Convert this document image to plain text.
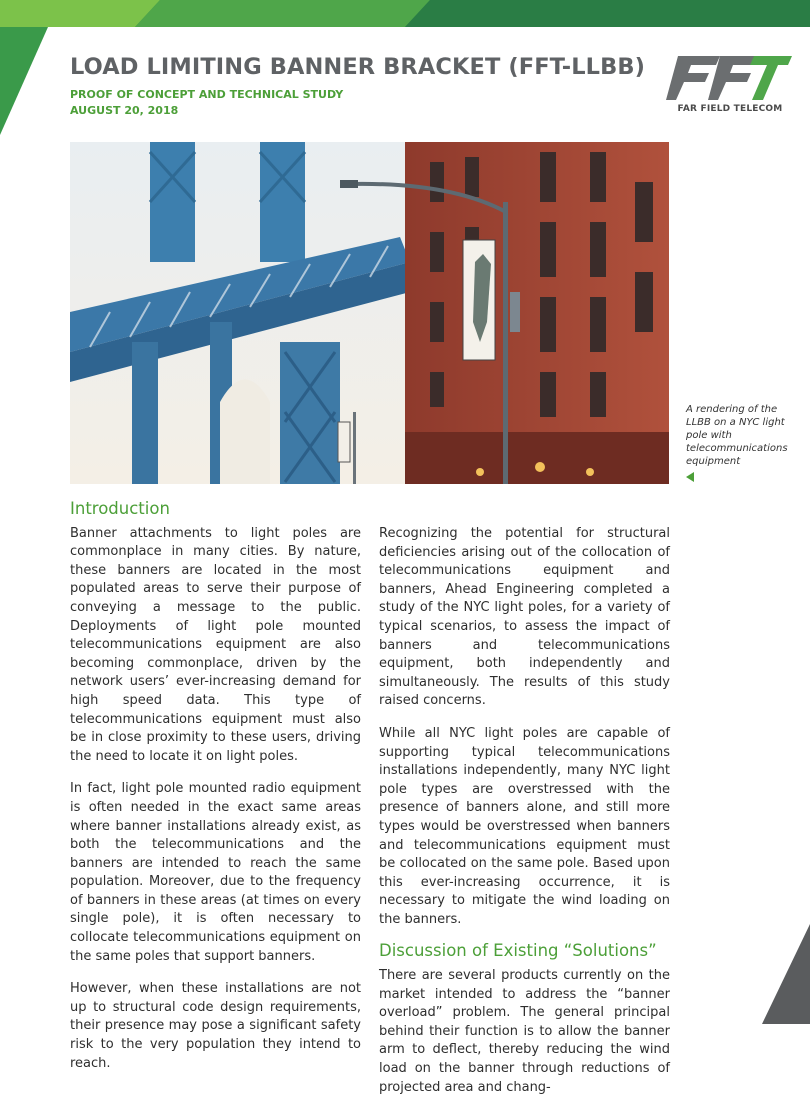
LOAD LIMITING BANNER BRACKET (FFT-LLBB)
PROOF OF CONCEPT AND TECHNICAL STUDY
AUGUST 20, 2018	FAR FIELD TELECOM
A rendering of the LLBB on a NYC light pole with telecommunications equipment
Introduction

Banner attachments to light poles are commonplace in many cities. By nature, these banners are located in the most populated areas to serve their purpose of conveying a message to the public. Deployments of light pole mounted telecommunications equipment are also becoming commonplace, driven by the network users’ ever-increasing demand for high speed data. This type of telecommunications equipment must also be in close proximity to these users, driving the need to locate it on light poles.

In fact, light pole mounted radio equipment is often needed in the exact same areas where banner installations already exist, as both the telecommunications and the banners are intended to reach the same population. Moreover, due to the frequency of banners in these areas (at times on every single pole), it is often necessary to collocate telecommunications equipment on the same poles that support banners.

However, when these installations are not up to structural code design requirements, their presence may pose a significant safety risk to the very population they intend to reach.

Recognizing the potential for structural deficiencies arising out of the collocation of telecommunications equipment and banners, Ahead Engineering completed a study of the NYC light poles, for a variety of typical scenarios, to assess the impact of banners and telecommunications equipment, both independently and simultaneously. The results of this study raised concerns.

While all NYC light poles are capable of supporting typical telecommunications installations independently, many NYC light pole types are overstressed with the presence of banners alone, and still more types would be overstressed when banners and telecommunications equipment must be collocated on the same pole. Based upon this ever-increasing occurrence, it is necessary to mitigate the wind loading on the banners.

Discussion of Existing “Solutions”

There are several products currently on the market intended to address the “banner overload” problem. The general principal behind their function is to allow the banner arm to deflect, thereby reducing the wind load on the banner through reductions of projected area and chang-
